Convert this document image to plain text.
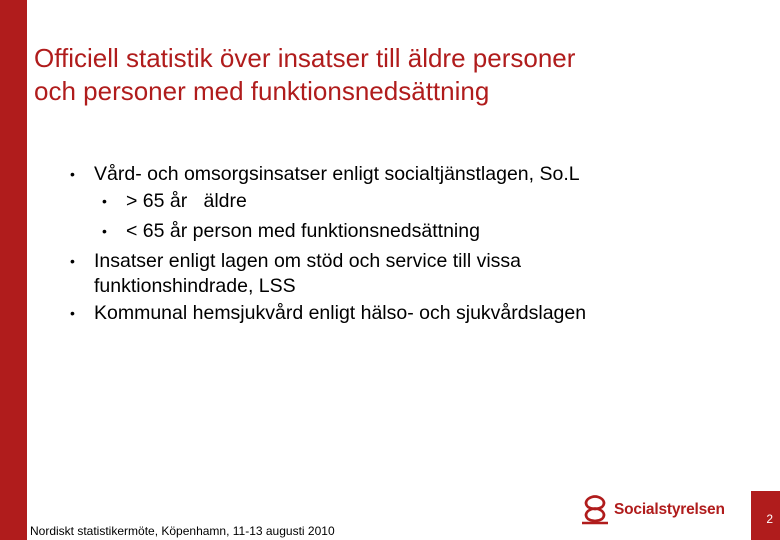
Officiell statistik över insatser till äldre personer
och personer med funktionsnedsättning
• Vård- och omsorgsinsatser enligt socialtjänstlagen, So.L
• > 65 år   äldre
• < 65 år person med funktionsnedsättning
• Insatser enligt lagen om stöd och service till vissa funktionshindrade, LSS
• Kommunal hemsjukvård enligt hälso- och sjukvårdslagen
Nordiskt statistikermöte, Köpenhamn, 11-13 augusti 2010
Socialstyrelsen
2
